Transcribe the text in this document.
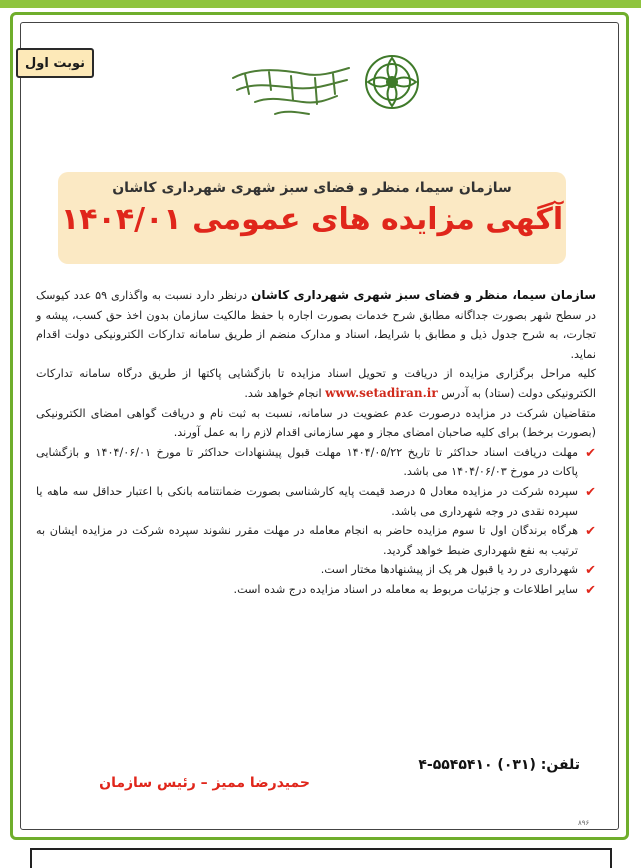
نوبت اول
سازمان سیما، منظر و فضای سبز شهری شهرداری کاشان
آگهی مزایده های عمومی ۱۴۰۴/۰۱

سازمان سیما، منظر و فضای سبز شهری شهرداری کاشان درنظر دارد نسبت به واگذاری ۵۹ عدد کیوسک در سطح شهر بصورت جداگانه مطابق شرح خدمات بصورت اجاره با حفظ مالکیت سازمان بدون اخذ حق کسب، پیشه و تجارت، به شرح جدول ذیل و مطابق با شرایط، اسناد و مدارک منضم از طریق سامانه تدارکات الکترونیکی دولت اقدام نماید.

کلیه مراحل برگزاری مزایده از دریافت و تحویل اسناد مزایده تا بازگشایی پاکتها از طریق درگاه سامانه تدارکات الکترونیکی دولت (ستاد) به آدرس www.setadiran.ir انجام خواهد شد.

متقاضیان شرکت در مزایده درصورت عدم عضویت در سامانه، نسبت به ثبت نام و دریافت گواهی امضای الکترونیکی (بصورت برخط) برای کلیه صاحبان امضای مجاز و مهر سازمانی اقدام لازم را به عمل آورند.

✔
مهلت دریافت اسناد حداکثر تا تاریخ ۱۴۰۴/۰۵/۲۲ مهلت قبول پیشنهادات حداکثر تا مورخ ۱۴۰۴/۰۶/۰۱ و بازگشایی پاکات در مورخ ۱۴۰۴/۰۶/۰۳ می باشد.
✔
سپرده شرکت در مزایده معادل ۵ درصد قیمت پایه کارشناسی بصورت ضمانتنامه بانکی با اعتبار حداقل سه ماهه یا سپرده نقدی در وجه شهرداری می باشد.
✔
هرگاه برندگان اول تا سوم مزایده حاضر به انجام معامله در مهلت مقرر نشوند سپرده شرکت در مزایده ایشان به ترتیب به نفع شهرداری ضبط خواهد گردید.
✔
شهرداری در رد یا قبول هر یک از پیشنهادها مختار است.
✔
سایر اطلاعات و جزئیات مربوط به معامله در اسناد مزایده درج شده است.
تلفن: (۰۳۱) ۵۵۴۵۴۱۰-۴
حمیدرضا ممیز – رئیس سازمان
۸۹۶
